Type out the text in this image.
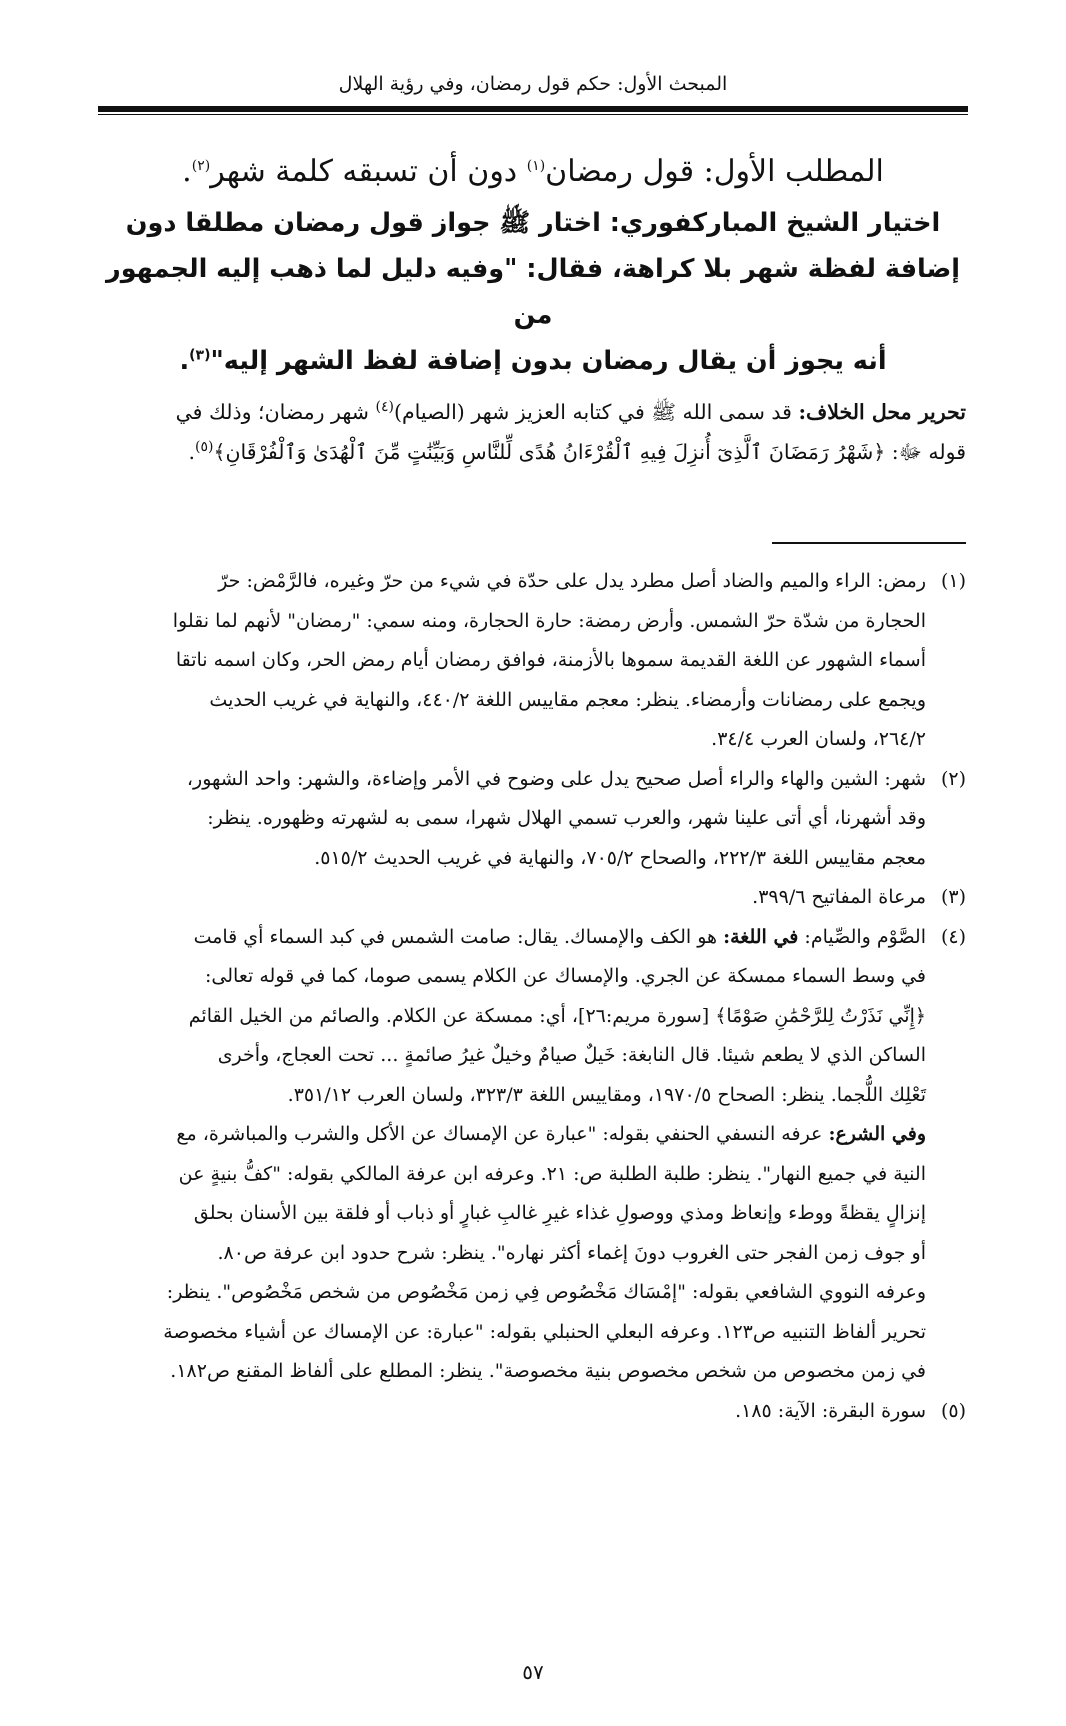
المبحث الأول: حكم قول رمضان، وفي رؤية الهلال

المطلب الأول: قول رمضان$^{(١)}$ دون أن تسبقه كلمة شهر$^{(٢)}$.

اختيار الشيخ المباركفوري: اختار ﷺ جواز قول رمضان مطلقا دون
إضافة لفظة شهر بلا كراهة، فقال: "وفيه دليل لما ذهب إليه الجمهور من
أنه يجوز أن يقال رمضان بدون إضافة لفظ الشهر إليه"$^{(٣)}$.

تحرير محل الخلاف: قد سمى الله ﷺ في كتابه العزيز شهر (الصيام)$^{(٤)}$ شهر رمضان؛ وذلك في
قوله ﷻ: ﴿شَهْرُ رَمَضَانَ ٱلَّذِىٓ أُنزِلَ فِيهِ ٱلْقُرْءَانُ هُدًى لِّلنَّاسِ وَبَيِّنَٰتٍ مِّنَ ٱلْهُدَىٰ وَٱلْفُرْقَانِ﴾$^{(٥)}$.

(١)
رمض: الراء والميم والضاد أصل مطرد يدل على حدّة في شيء من حرّ وغيره، فالرَّمْض: حرّ
الحجارة من شدّة حرّ الشمس. وأرض رمضة: حارة الحجارة، ومنه سمي: "رمضان" لأنهم لما نقلوا
أسماء الشهور عن اللغة القديمة سموها بالأزمنة، فوافق رمضان أيام رمض الحر، وكان اسمه ناتقا
ويجمع على رمضانات وأرمضاء. ينظر: معجم مقاييس اللغة ٤٤٠/٢، والنهاية في غريب الحديث
٢٦٤/٢، ولسان العرب ٣٤/٤.
(٢)
شهر: الشين والهاء والراء أصل صحيح يدل على وضوح في الأمر وإضاءة، والشهر: واحد الشهور،
وقد أشهرنا، أي أتى علينا شهر، والعرب تسمي الهلال شهرا، سمى به لشهرته وظهوره. ينظر:
معجم مقاييس اللغة ٢٢٢/٣، والصحاح ٧٠٥/٢، والنهاية في غريب الحديث ٥١٥/٢.
(٣)
مرعاة المفاتيح ٣٩٩/٦.
(٤)
الصَّوْم والصِّيام: في اللغة: هو الكف والإمساك. يقال: صامت الشمس في كبد السماء أي قامت
في وسط السماء ممسكة عن الجري. والإمساك عن الكلام يسمى صوما، كما في قوله تعالى:
﴿إِنِّي نَذَرْتُ لِلرَّحْمَٰنِ صَوْمًا﴾ [سورة مريم:٢٦]، أي: ممسكة عن الكلام. والصائم من الخيل القائم
الساكن الذي لا يطعم شيئا. قال النابغة: خَيلٌ صيامٌ وخيلٌ غيرُ صائمةٍ ... تحت العجاج، وأخرى
تَعْلِك اللُّجما. ينظر: الصحاح ١٩٧٠/٥، ومقاييس اللغة ٣٢٣/٣، ولسان العرب ٣٥١/١٢.
وفي الشرع: عرفه النسفي الحنفي بقوله: "عبارة عن الإمساك عن الأكل والشرب والمباشرة، مع
النية في جميع النهار". ينظر: طلبة الطلبة ص: ٢١. وعرفه ابن عرفة المالكي بقوله: "كفُّ بنيةٍ عن
إنزالٍ يقظةً ووطء وإنعاظ ومذي ووصولِ غذاء غيرِ غالبِ غبارٍ أو ذباب أو فلقة بين الأسنان بحلق
أو جوف زمن الفجر حتى الغروب دونَ إغماء أكثر نهاره". ينظر: شرح حدود ابن عرفة ص٨٠.
وعرفه النووي الشافعي بقوله: "إمْسَاك مَخْصُوص فِي زمن مَخْصُوص من شخص مَخْصُوص". ينظر:
تحرير ألفاظ التنبيه ص١٢٣. وعرفه البعلي الحنبلي بقوله: "عبارة: عن الإمساك عن أشياء مخصوصة
في زمن مخصوص من شخص مخصوص بنية مخصوصة". ينظر: المطلع على ألفاظ المقنع ص١٨٢.
(٥)
سورة البقرة: الآية: ١٨٥.
٥٧
